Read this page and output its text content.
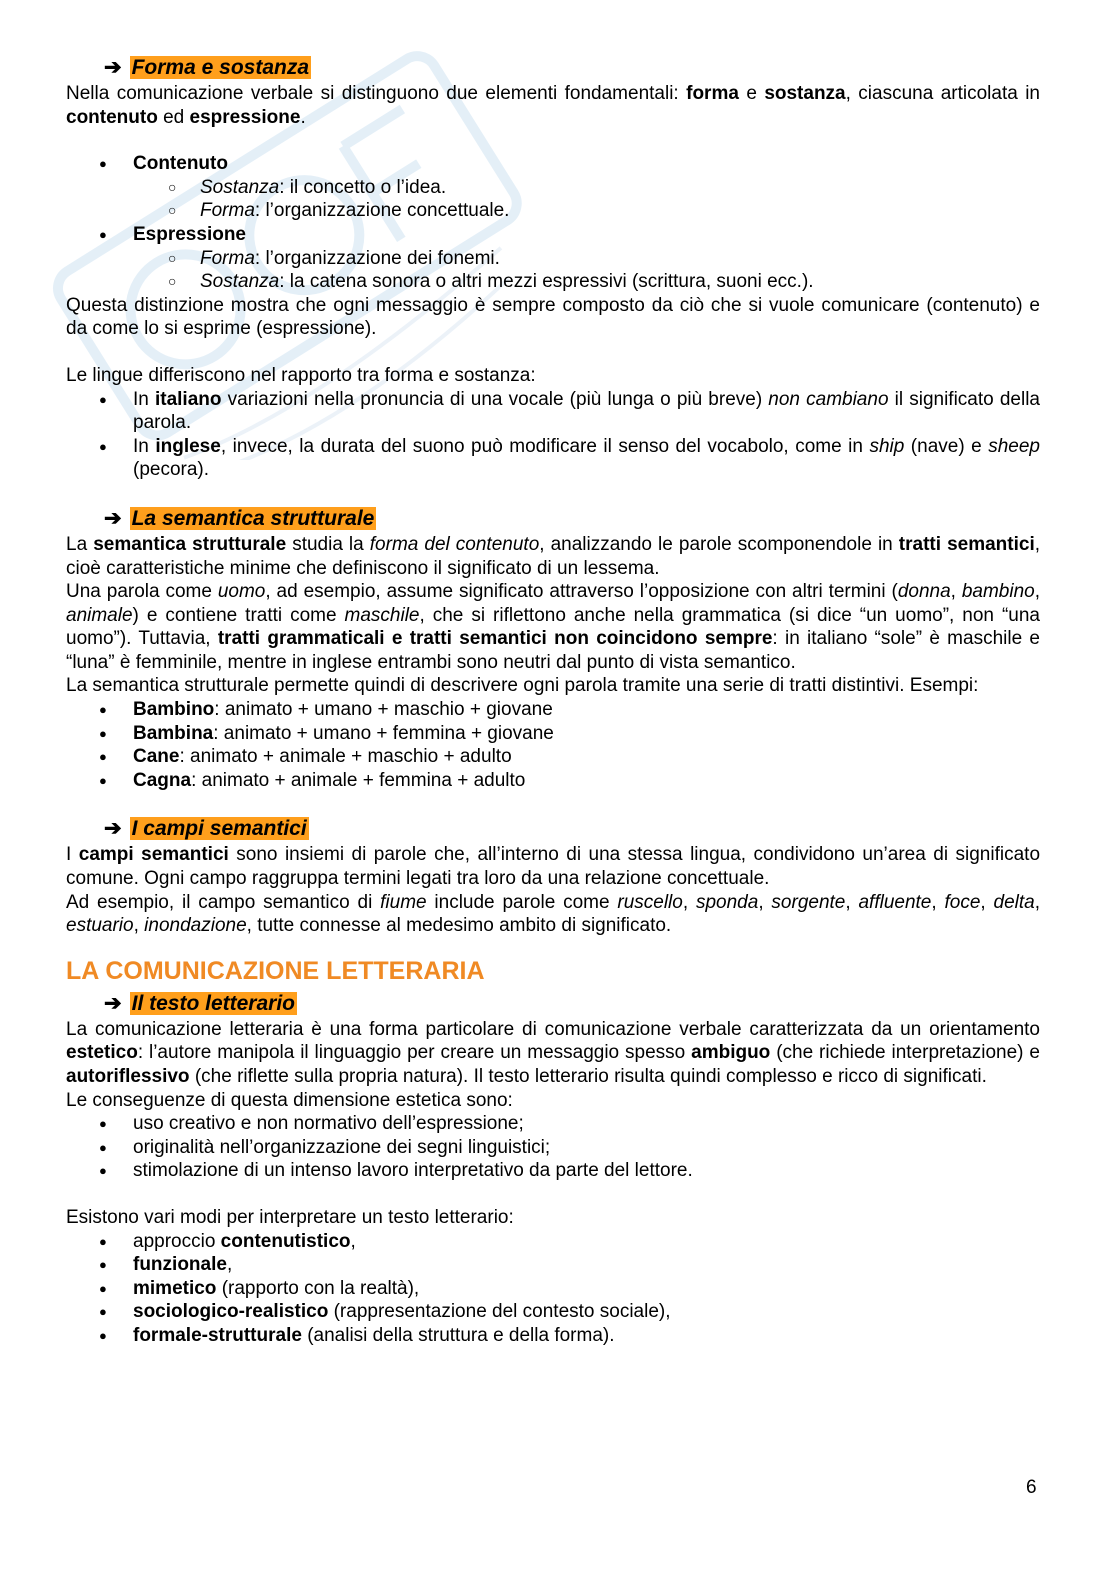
➔ Forma e sostanza

Nella comunicazione verbale si distinguono due elementi fondamentali: forma e sostanza, ciascuna articolata in contenuto ed espressione.

● Contenuto
○ Sostanza: il concetto o l’idea.
○ Forma: l’organizzazione concettuale.
● Espressione
○ Forma: l’organizzazione dei fonemi.
○ Sostanza: la catena sonora o altri mezzi espressivi (scrittura, suoni ecc.).

Questa distinzione mostra che ogni messaggio è sempre composto da ciò che si vuole comunicare (contenuto) e da come lo si esprime (espressione).

Le lingue differiscono nel rapporto tra forma e sostanza:

● In italiano variazioni nella pronuncia di una vocale (più lunga o più breve) non cambiano il significato della parola.
● In inglese, invece, la durata del suono può modificare il senso del vocabolo, come in ship (nave) e sheep (pecora).
➔ La semantica strutturale

La semantica strutturale studia la forma del contenuto, analizzando le parole scomponendole in tratti semantici, cioè caratteristiche minime che definiscono il significato di un lessema.

Una parola come uomo, ad esempio, assume significato attraverso l’opposizione con altri termini (donna, bambino, animale) e contiene tratti come maschile, che si riflettono anche nella grammatica (si dice “un uomo”, non “una uomo”). Tuttavia, tratti grammaticali e tratti semantici non coincidono sempre: in italiano “sole” è maschile e “luna” è femminile, mentre in inglese entrambi sono neutri dal punto di vista semantico.

La semantica strutturale permette quindi di descrivere ogni parola tramite una serie di tratti distintivi. Esempi:

● Bambino: animato + umano + maschio + giovane
● Bambina: animato + umano + femmina + giovane
● Cane: animato + animale + maschio + adulto
● Cagna: animato + animale + femmina + adulto
➔ I campi semantici

I campi semantici sono insiemi di parole che, all’interno di una stessa lingua, condividono un’area di significato comune. Ogni campo raggruppa termini legati tra loro da una relazione concettuale.

Ad esempio, il campo semantico di fiume include parole come ruscello, sponda, sorgente, affluente, foce, delta, estuario, inondazione, tutte connesse al medesimo ambito di significato.

LA COMUNICAZIONE LETTERARIA
➔ Il testo letterario

La comunicazione letteraria è una forma particolare di comunicazione verbale caratterizzata da un orientamento estetico: l’autore manipola il linguaggio per creare un messaggio spesso ambiguo (che richiede interpretazione) e autoriflessivo (che riflette sulla propria natura). Il testo letterario risulta quindi complesso e ricco di significati.

Le conseguenze di questa dimensione estetica sono:

● uso creativo e non normativo dell’espressione;
● originalità nell’organizzazione dei segni linguistici;
● stimolazione di un intenso lavoro interpretativo da parte del lettore.

Esistono vari modi per interpretare un testo letterario:

● approccio contenutistico,
● funzionale,
● mimetico (rapporto con la realtà),
● sociologico-realistico (rappresentazione del contesto sociale),
● formale-strutturale (analisi della struttura e della forma).
6
